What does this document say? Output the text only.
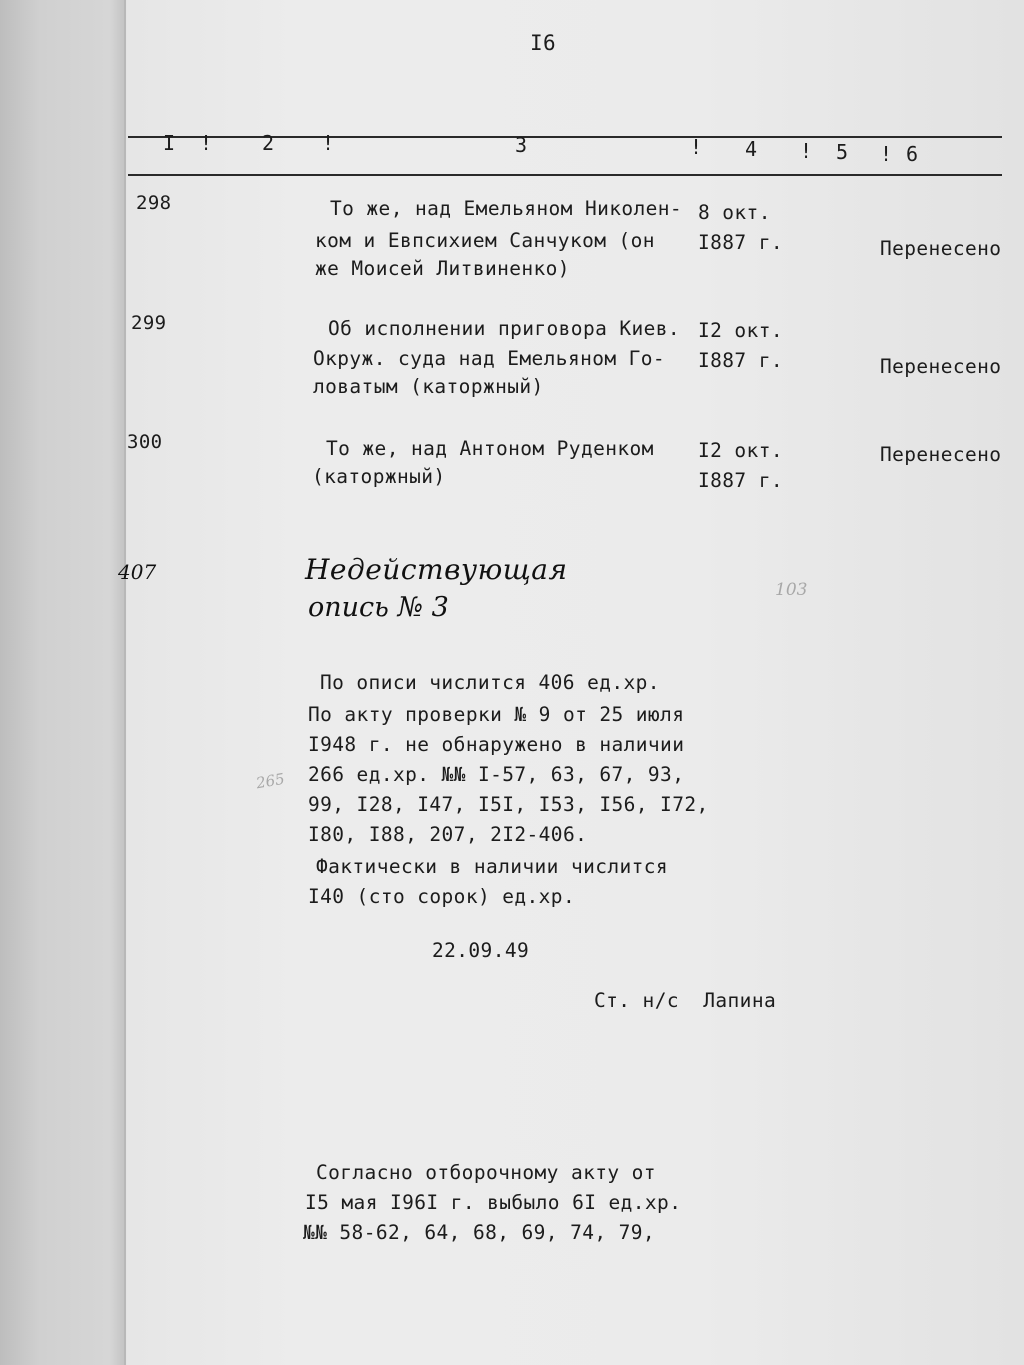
I6
I ! 2 !	3	! 4 ! 5 ! 6
298	То же, над Емельяном Николен-
ком и Евпсихием Санчуком (он
же Моисей Литвиненко)
8 окт.
I887 г.	Перенесено
299	Об исполнении приговора Киев.
Окруж. суда над Емельяном Го-
ловатым (каторжный)
I2 окт.
I887 г.	Перенесено
300	То же, над Антоном Руденком
(каторжный)
I2 окт.
I887 г.
Перенесено
407	Недействующая
опись № 3
103
265
По описи числится 406 ед.хр.
По акту проверки № 9 от 25 июля
I948 г. не обнаружено в наличии
266 ед.хр. №№ I-57, 63, 67, 93,
99, I28, I47, I5I, I53, I56, I72,
I80, I88, 207, 2I2-406.
Фактически в наличии числится
I40 (сто сорок) ед.хр.
22.09.49
Ст. н/с  Лапина
Согласно отборочному акту от
I5 мая I96I г. выбыло 6I ед.хр.
№№ 58-62, 64, 68, 69, 74, 79,
